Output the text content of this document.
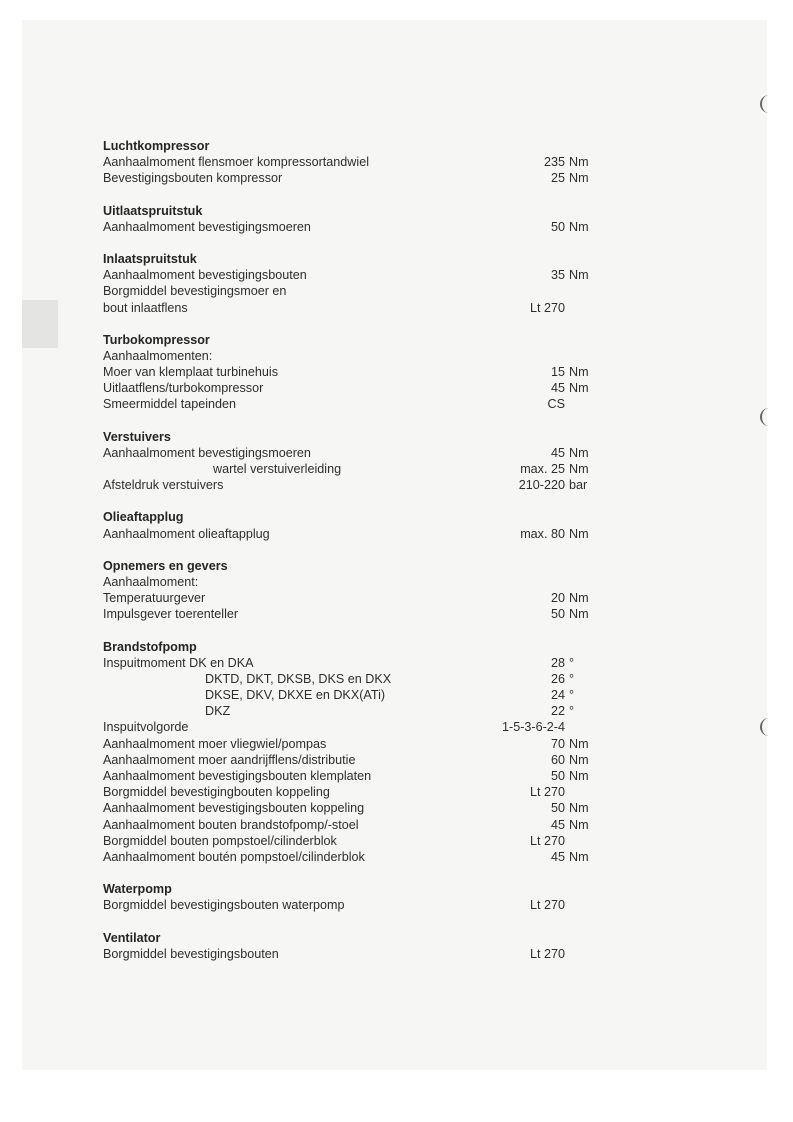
Luchtkompressor
Aanhaalmoment flensmoer kompressortandwiel	235 Nm
Bevestigingsbouten kompressor	25 Nm
Uitlaatspruitstuk
Aanhaalmoment bevestigingsmoeren	50 Nm
Inlaatspruitstuk
Aanhaalmoment bevestigingsbouten	35 Nm
Borgmiddel bevestigingsmoer en
bout inlaatflens	Lt 270
Turbokompressor
Aanhaalmomenten:
Moer van klemplaat turbinehuis	15 Nm
Uitlaatflens/turbokompressor	45 Nm
Smeermiddel tapeinden	CS
Verstuivers
Aanhaalmoment bevestigingsmoeren	45 Nm
wartel verstuiverleiding	max. 25 Nm
Afsteldruk verstuivers	210-220 bar
Olieaftapplug
Aanhaalmoment olieaftapplug	max. 80 Nm
Opnemers en gevers
Aanhaalmoment:
Temperatuurgever	20 Nm
Impulsgever toerenteller	50 Nm
Brandstofpomp
Inspuitmoment DK en DKA	28 °
DKTD, DKT, DKSB, DKS en DKX	26 °
DKSE, DKV, DKXE en DKX(ATi)	24 °
DKZ	22 °
Inspuitvolgorde	1-5-3-6-2-4
Aanhaalmoment moer vliegwiel/pompas	70 Nm
Aanhaalmoment moer aandrijfflens/distributie	60 Nm
Aanhaalmoment bevestigingsbouten klemplaten	50 Nm
Borgmiddel bevestigingbouten koppeling	Lt 270
Aanhaalmoment bevestigingsbouten koppeling	50 Nm
Aanhaalmoment bouten brandstofpomp/-stoel	45 Nm
Borgmiddel bouten pompstoel/cilinderblok	Lt 270
Aanhaalmoment boutén pompstoel/cilinderblok	45 Nm
Waterpomp
Borgmiddel bevestigingsbouten waterpomp	Lt 270
Ventilator
Borgmiddel bevestigingsbouten	Lt 270
